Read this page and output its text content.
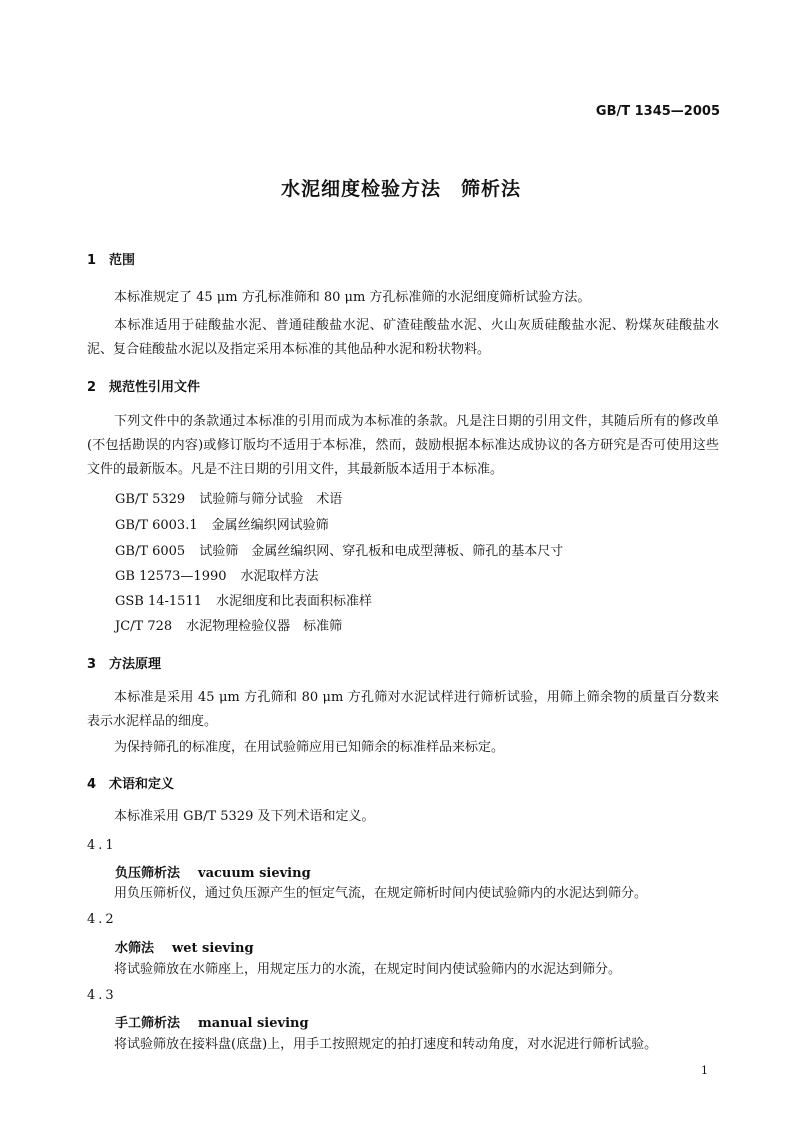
GB/T 1345—2005
水泥细度检验方法　筛析法
1 范围
本标准规定了 45 μm 方孔标准筛和 80 μm 方孔标准筛的水泥细度筛析试验方法。
本标准适用于硅酸盐水泥、普通硅酸盐水泥、矿渣硅酸盐水泥、火山灰质硅酸盐水泥、粉煤灰硅酸盐水泥、复合硅酸盐水泥以及指定采用本标准的其他品种水泥和粉状物料。
2 规范性引用文件
下列文件中的条款通过本标准的引用而成为本标准的条款。凡是注日期的引用文件，其随后所有的修改单(不包括勘误的内容)或修订版均不适用于本标准，然而，鼓励根据本标准达成协议的各方研究是否可使用这些文件的最新版本。凡是不注日期的引用文件，其最新版本适用于本标准。
GB/T 5329 试验筛与筛分试验　术语
GB/T 6003.1 金属丝编织网试验筛
GB/T 6005 试验筛　金属丝编织网、穿孔板和电成型薄板、筛孔的基本尺寸
GB 12573—1990 水泥取样方法
GSB 14-1511 水泥细度和比表面积标准样
JC/T 728 水泥物理检验仪器　标准筛
3 方法原理
本标准是采用 45 μm 方孔筛和 80 μm 方孔筛对水泥试样进行筛析试验，用筛上筛余物的质量百分数来表示水泥样品的细度。
为保持筛孔的标准度，在用试验筛应用已知筛余的标准样品来标定。
4 术语和定义
本标准采用 GB/T 5329 及下列术语和定义。
4.1
负压筛析法 vacuum sieving
用负压筛析仪，通过负压源产生的恒定气流，在规定筛析时间内使试验筛内的水泥达到筛分。
4.2
水筛法 wet sieving
将试验筛放在水筛座上，用规定压力的水流，在规定时间内使试验筛内的水泥达到筛分。
4.3
手工筛析法 manual sieving
将试验筛放在接料盘(底盘)上，用手工按照规定的拍打速度和转动角度，对水泥进行筛析试验。
1
